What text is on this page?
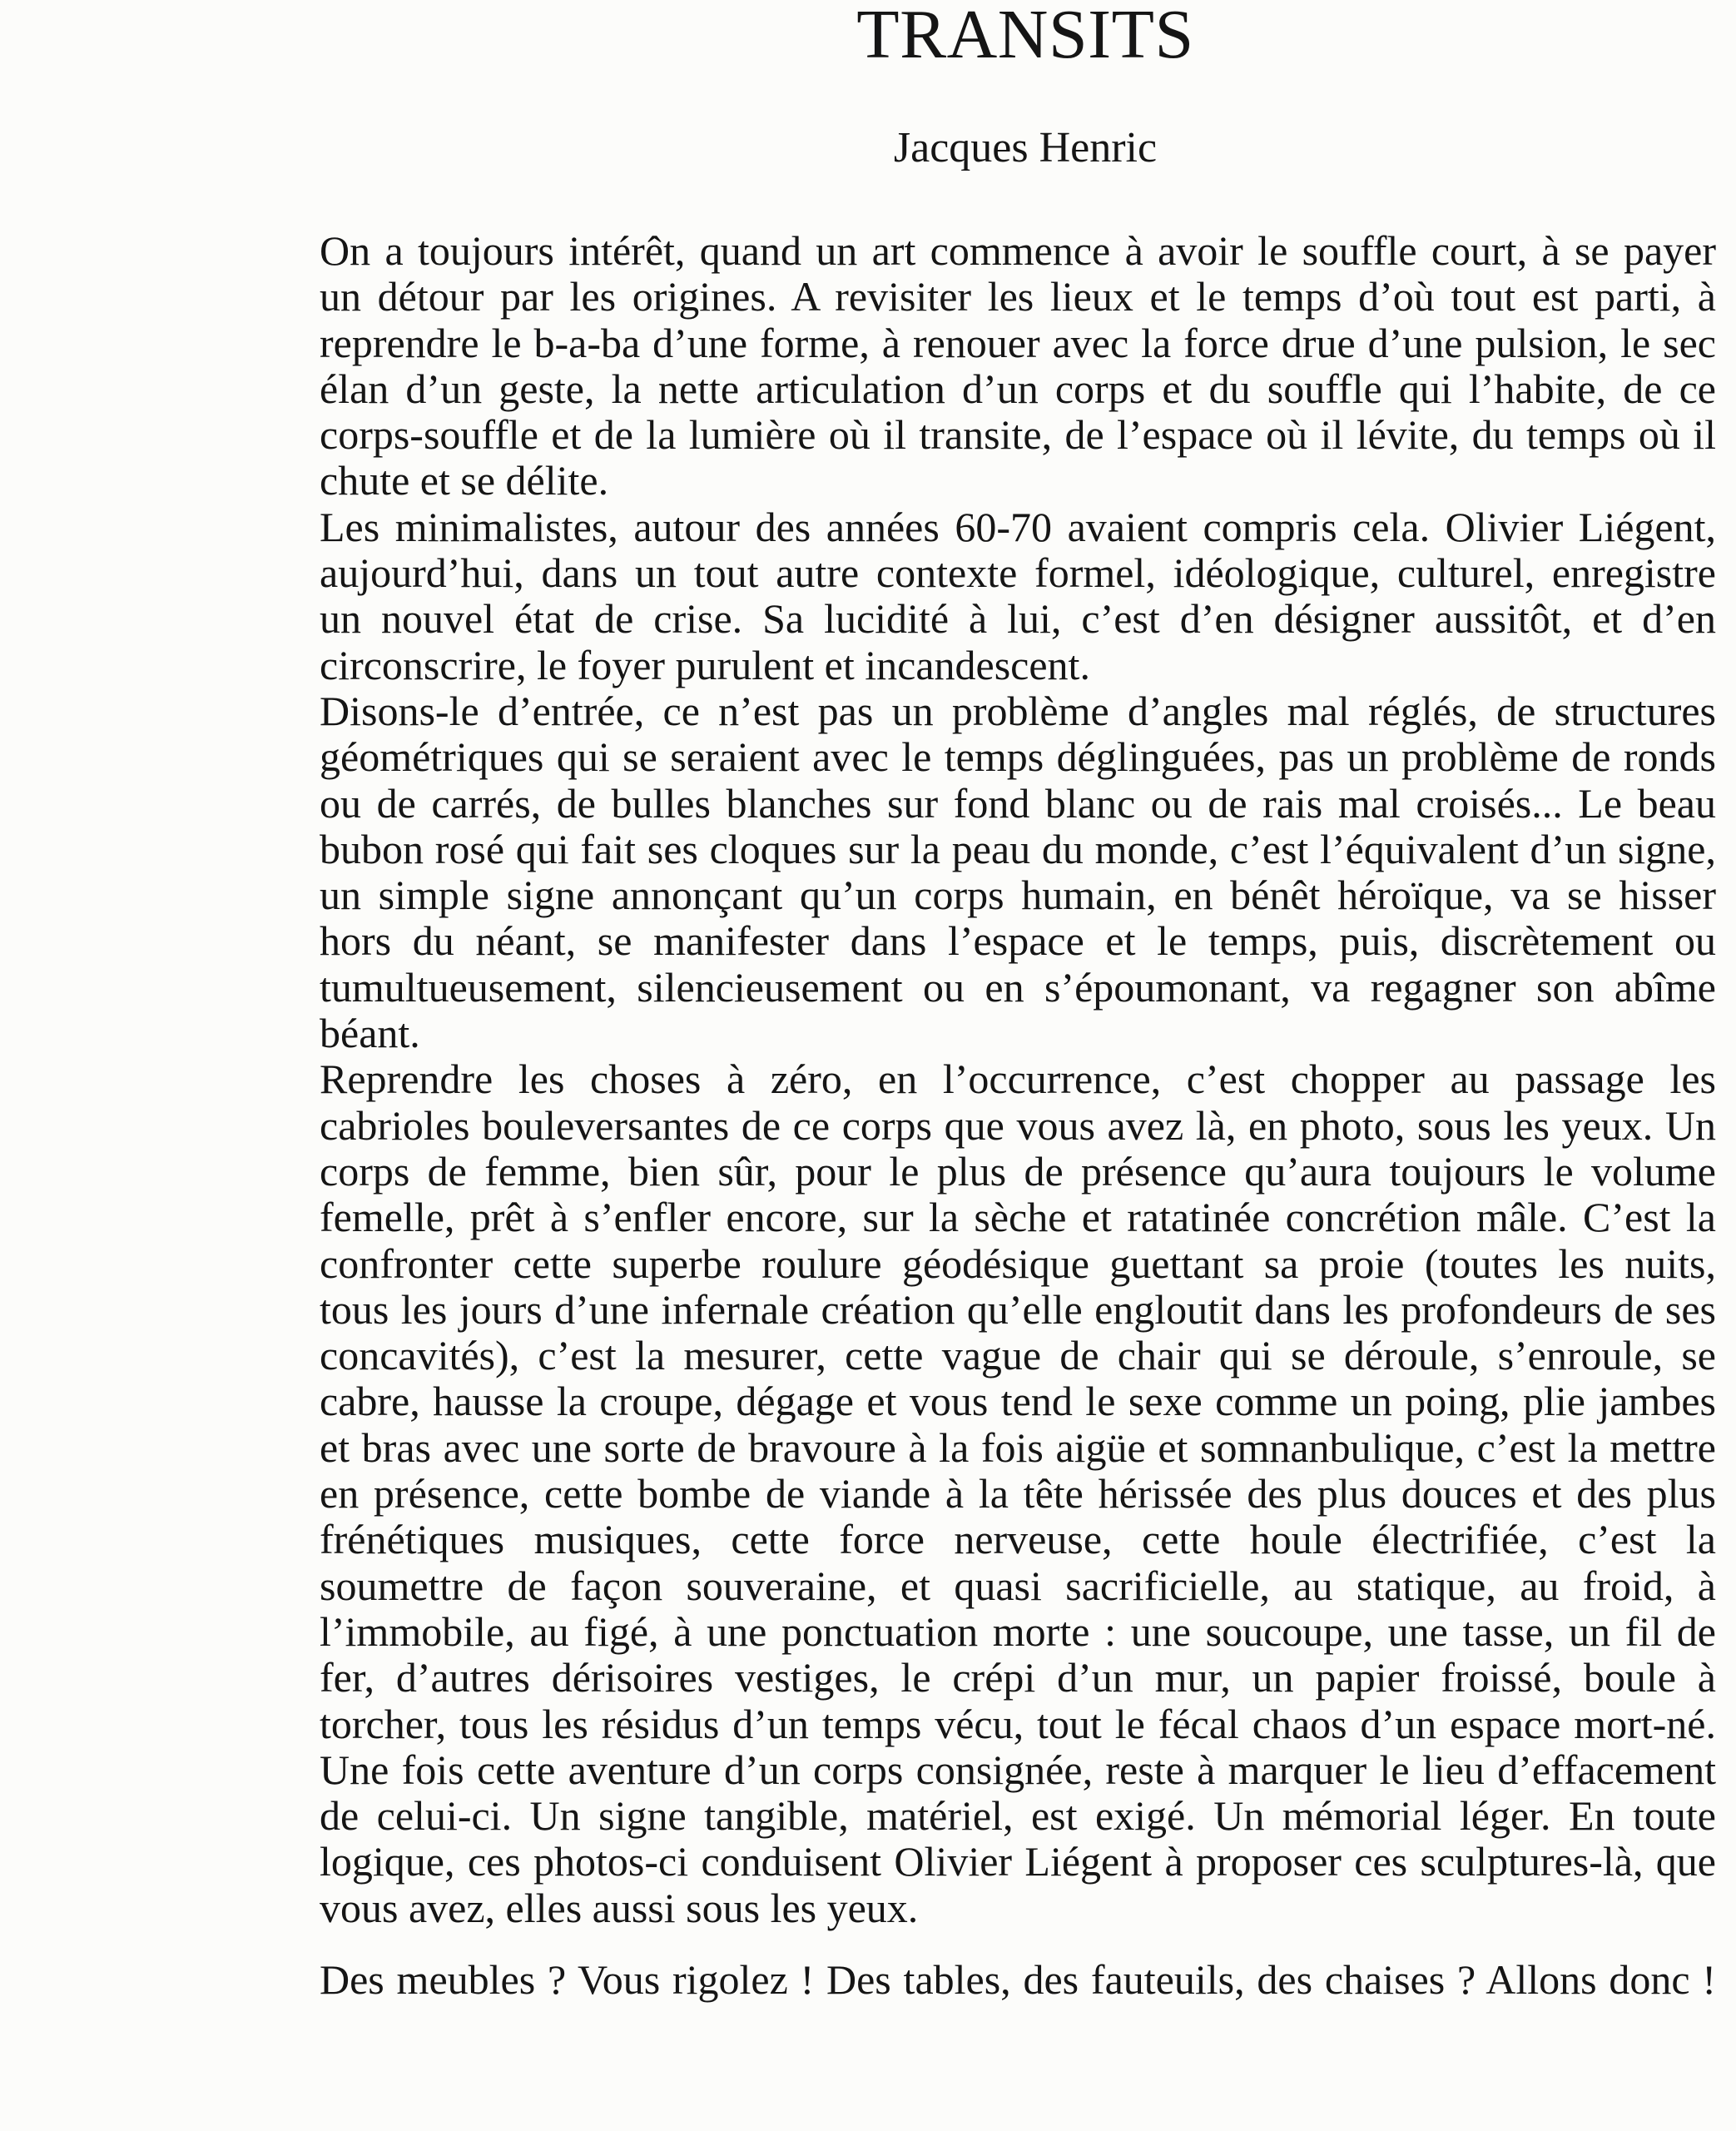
TRANSITS
Jacques Henric
On a toujours intérêt, quand un art commence à avoir le souffle court, à se payer
un détour par les origines. A revisiter les lieux et le temps d’où tout est parti, à
reprendre le b-a-ba d’une forme, à renouer avec la force drue d’une pulsion, le sec
élan d’un geste, la nette articulation d’un corps et du souffle qui l’habite, de ce
corps-souffle et de la lumière où il transite, de l’espace où il lévite, du temps où il
chute et se délite.
Les minimalistes, autour des années 60-70 avaient compris cela. Olivier Liégent,
aujourd’hui, dans un tout autre contexte formel, idéologique, culturel, enregistre
un nouvel état de crise. Sa lucidité à lui, c’est d’en désigner aussitôt, et d’en
circonscrire, le foyer purulent et incandescent.
Disons-le d’entrée, ce n’est pas un problème d’angles mal réglés, de structures
géométriques qui se seraient avec le temps déglinguées, pas un problème de ronds
ou de carrés, de bulles blanches sur fond blanc ou de rais mal croisés... Le beau
bubon rosé qui fait ses cloques sur la peau du monde, c’est l’équivalent d’un signe,
un simple signe annonçant qu’un corps humain, en bénêt héroïque, va se hisser
hors du néant, se manifester dans l’espace et le temps, puis, discrètement ou
tumultueusement, silencieusement ou en s’époumonant, va regagner son abîme
béant.
Reprendre les choses à zéro, en l’occurrence, c’est chopper au passage les
cabrioles bouleversantes de ce corps que vous avez là, en photo, sous les yeux. Un
corps de femme, bien sûr, pour le plus de présence qu’aura toujours le volume
femelle, prêt à s’enfler encore, sur la sèche et ratatinée concrétion mâle. C’est la
confronter cette superbe roulure géodésique guettant sa proie (toutes les nuits,
tous les jours d’une infernale création qu’elle engloutit dans les profondeurs de ses
concavités), c’est la mesurer, cette vague de chair qui se déroule, s’enroule, se
cabre, hausse la croupe, dégage et vous tend le sexe comme un poing, plie jambes
et bras avec une sorte de bravoure à la fois aigüe et somnanbulique, c’est la mettre
en présence, cette bombe de viande à la tête hérissée des plus douces et des plus
frénétiques musiques, cette force nerveuse, cette houle électrifiée, c’est la
soumettre de façon souveraine, et quasi sacrificielle, au statique, au froid, à
l’immobile, au figé, à une ponctuation morte : une soucoupe, une tasse, un fil de
fer, d’autres dérisoires vestiges, le crépi d’un mur, un papier froissé, boule à
torcher, tous les résidus d’un temps vécu, tout le fécal chaos d’un espace mort-né.
Une fois cette aventure d’un corps consignée, reste à marquer le lieu d’effacement
de celui-ci. Un signe tangible, matériel, est exigé. Un mémorial léger. En toute
logique, ces photos-ci conduisent Olivier Liégent à proposer ces sculptures-là, que
vous avez, elles aussi sous les yeux.
Des meubles ? Vous rigolez ! Des tables, des fauteuils, des chaises ? Allons donc !
